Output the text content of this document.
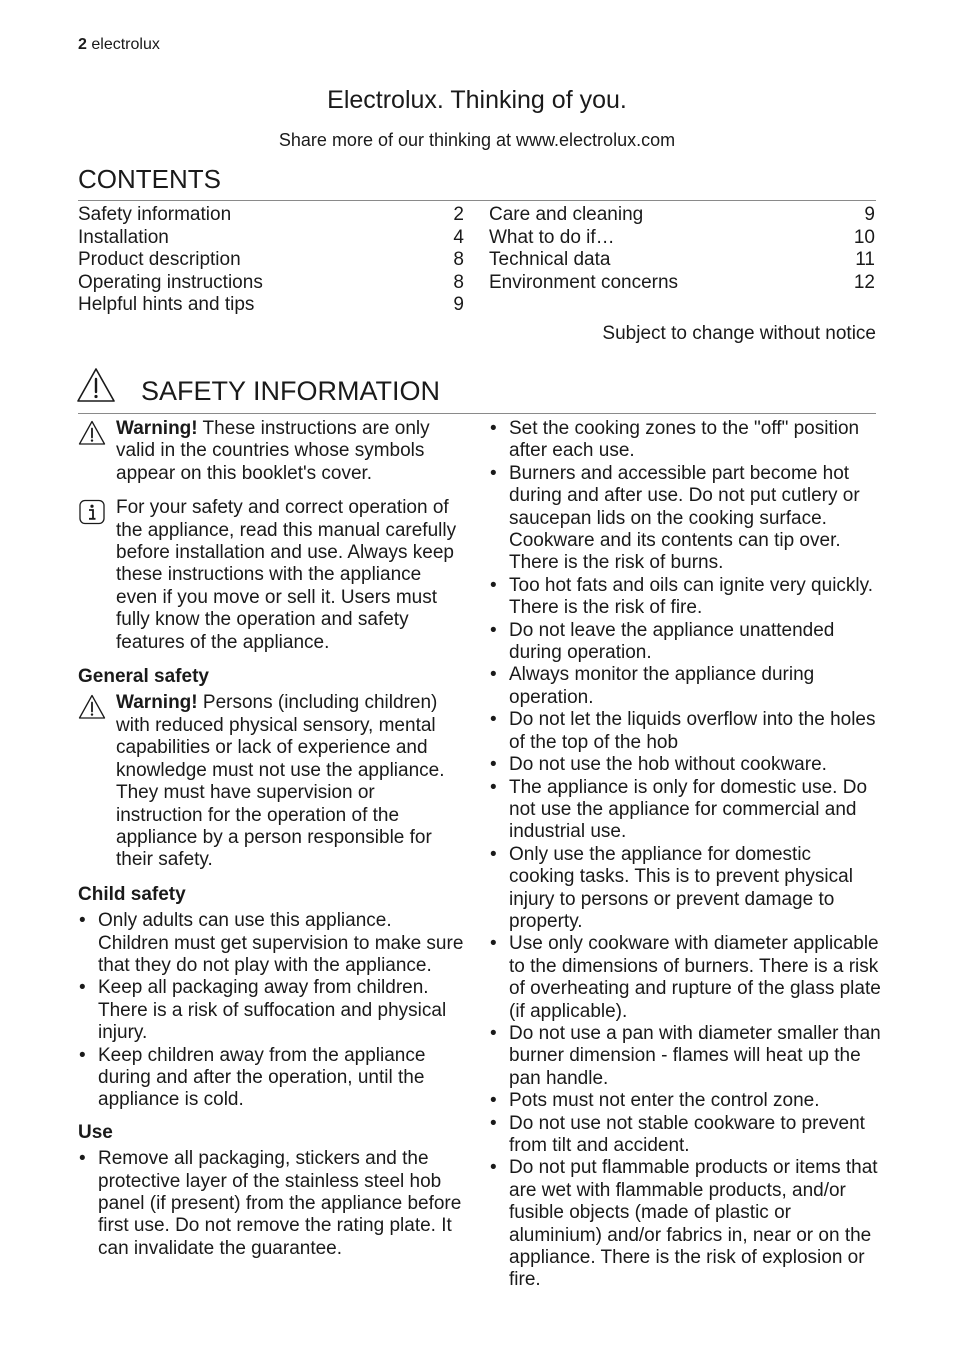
2 electrolux
Electrolux. Thinking of you.
Share more of our thinking at www.electrolux.com
CONTENTS
Safety information	2
Installation	4
Product description	8
Operating instructions	8
Helpful hints and tips	9
Care and cleaning	9
What to do if…	10
Technical data	11
Environment concerns	12
Subject to change without notice
SAFETY INFORMATION
Warning! These instructions are only valid in the countries whose symbols appear on this booklet's cover.
For your safety and correct operation of the appliance, read this manual carefully before installation and use. Always keep these instructions with the appliance even if you move or sell it. Users must fully know the operation and safety features of the appliance.
General safety
Warning! Persons (including children) with reduced physical sensory, mental capabilities or lack of experience and knowledge must not use the appliance. They must have supervision or instruction for the operation of the appliance by a person responsible for their safety.
Child safety
• Only adults can use this appliance. Children must get supervision to make sure that they do not play with the appliance.
• Keep all packaging away from children. There is a risk of suffocation and physical injury.
• Keep children away from the appliance during and after the operation, until the appliance is cold.
Use
• Remove all packaging, stickers and the protective layer of the stainless steel hob panel (if present) from the appliance before first use. Do not remove the rating plate. It can invalidate the guarantee.
• Set the cooking zones to the "off" position after each use.
• Burners and accessible part become hot during and after use. Do not put cutlery or saucepan lids on the cooking surface. Cookware and its contents can tip over. There is the risk of burns.
• Too hot fats and oils can ignite very quickly. There is the risk of fire.
• Do not leave the appliance unattended during operation.
• Always monitor the appliance during operation.
• Do not let the liquids overflow into the holes of the top of the hob
• Do not use the hob without cookware.
• The appliance is only for domestic use. Do not use the appliance for commercial and industrial use.
• Only use the appliance for domestic cooking tasks. This is to prevent physical injury to persons or prevent damage to property.
• Use only cookware with diameter applicable to the dimensions of burners. There is a risk of overheating and rupture of the glass plate (if applicable).
• Do not use a pan with diameter smaller than burner dimension - flames will heat up the pan handle.
• Pots must not enter the control zone.
• Do not use not stable cookware to prevent from tilt and accident.
• Do not put flammable products or items that are wet with flammable products, and/or fusible objects (made of plastic or aluminium) and/or fabrics in, near or on the appliance. There is the risk of explosion or fire.
